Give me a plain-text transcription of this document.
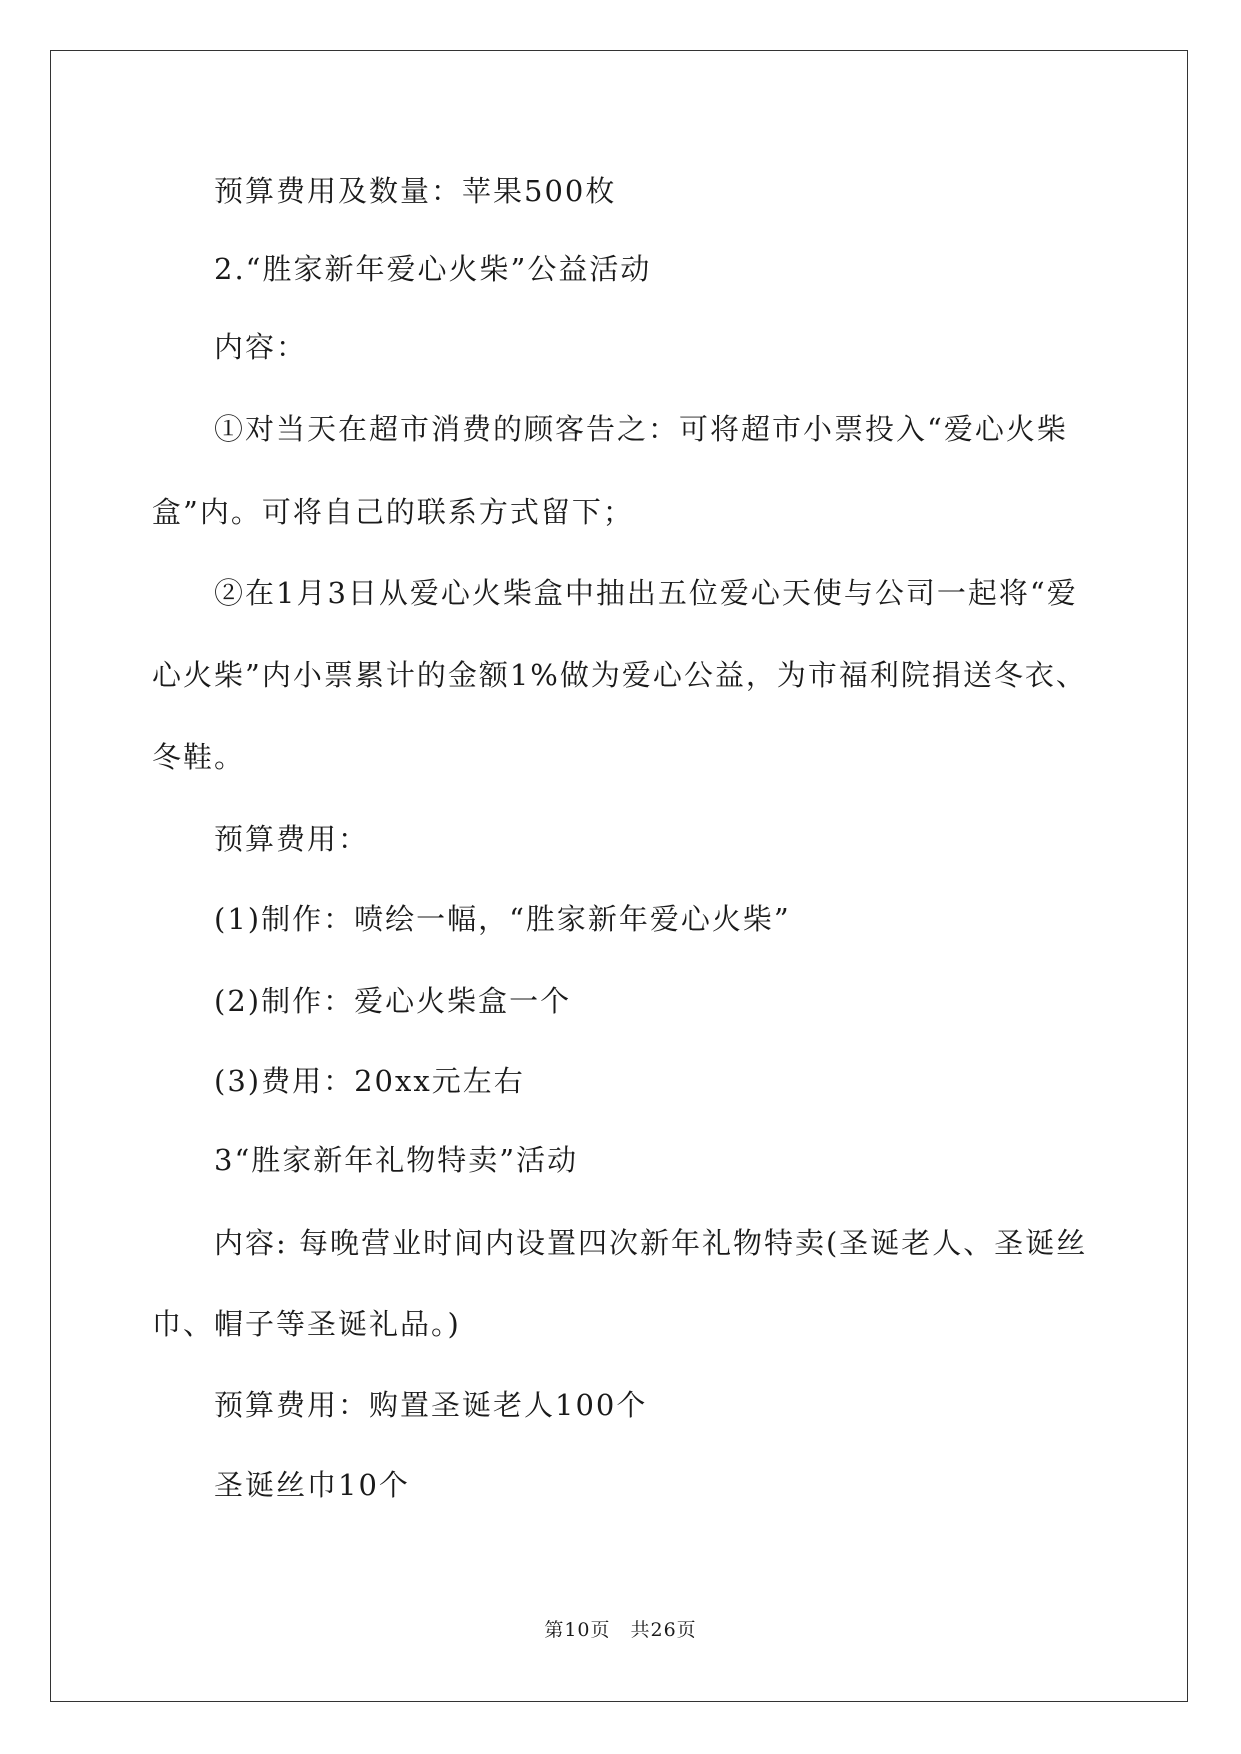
预算费用及数量：苹果500枚
2.“胜家新年爱心火柴”公益活动
内容：
①对当天在超市消费的顾客告之：可将超市小票投入“爱心火柴
盒”内。可将自己的联系方式留下；
②在1月3日从爱心火柴盒中抽出五位爱心天使与公司一起将“爱
心火柴”内小票累计的金额1%做为爱心公益，为市福利院捐送冬衣、
冬鞋。
预算费用：
(1)制作：喷绘一幅，“胜家新年爱心火柴”
(2)制作：爱心火柴盒一个
(3)费用：20xx元左右
3“胜家新年礼物特卖”活动
内容: 每晚营业时间内设置四次新年礼物特卖(圣诞老人、圣诞丝
巾、帽子等圣诞礼品。)
预算费用：购置圣诞老人100个
圣诞丝巾10个
第10页　共26页
